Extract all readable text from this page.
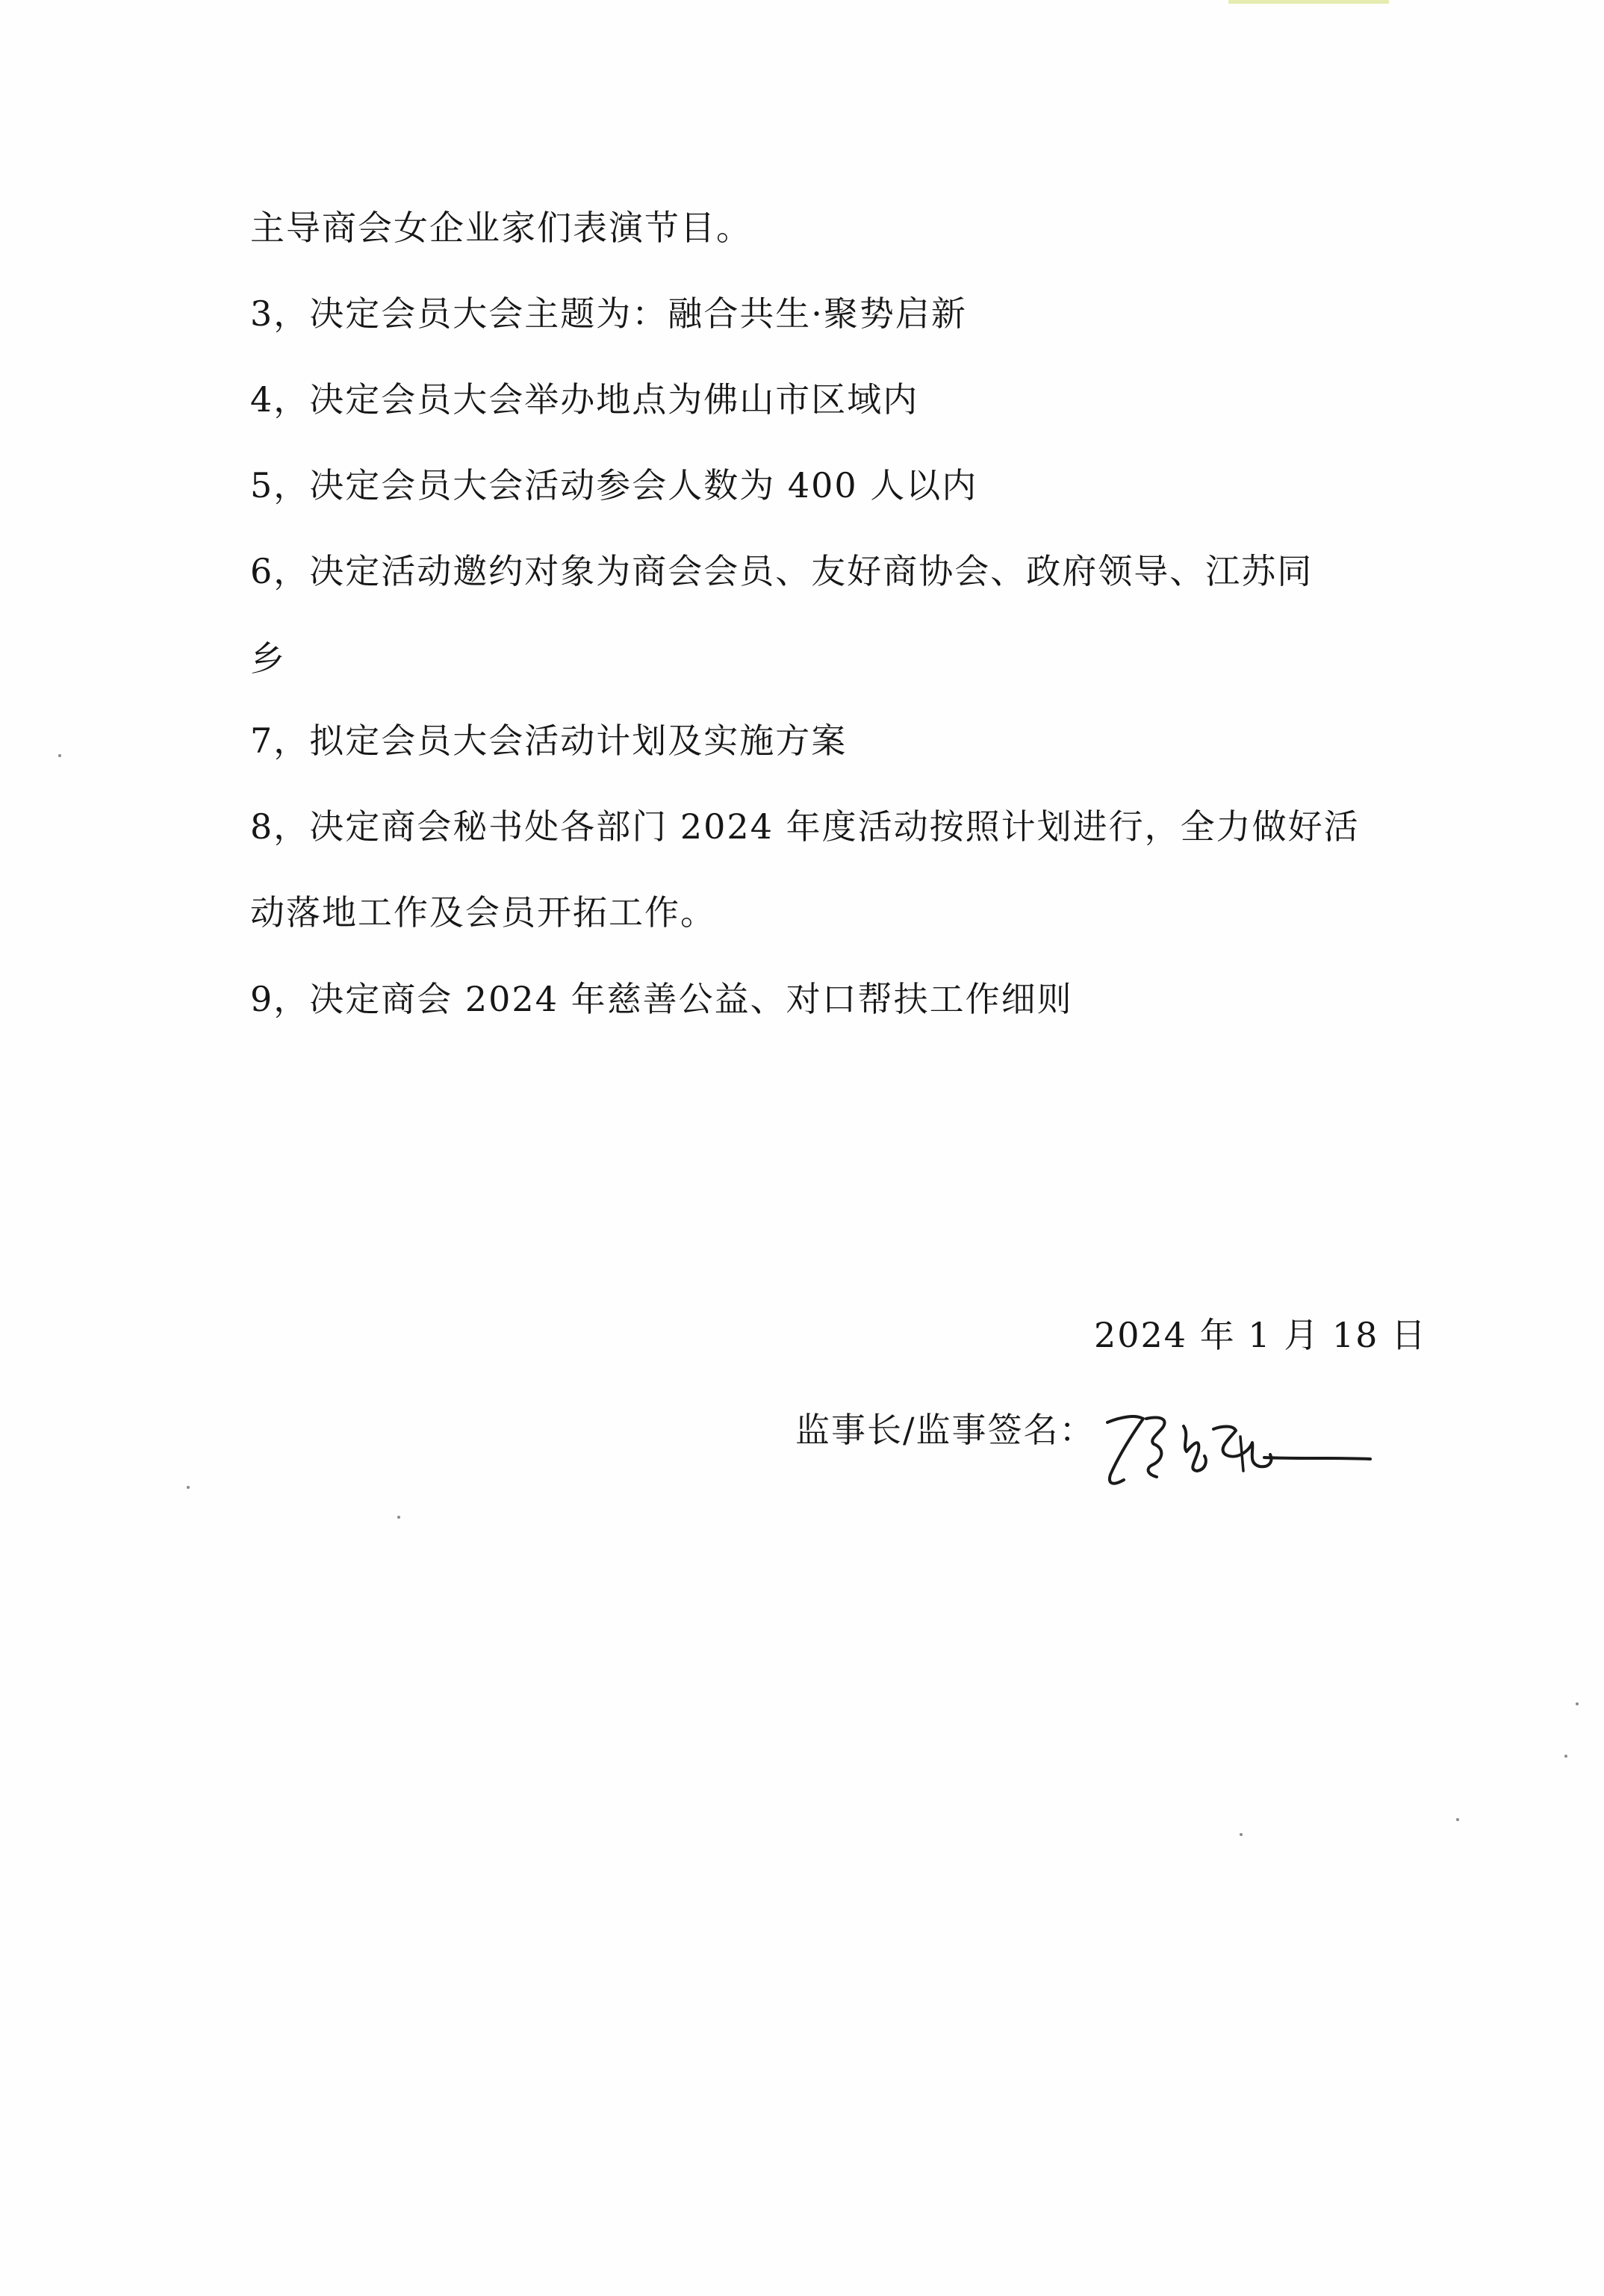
主导商会女企业家们表演节目。
3，决定会员大会主题为：融合共生·聚势启新
4，决定会员大会举办地点为佛山市区域内
5，决定会员大会活动参会人数为 400 人以内
6，决定活动邀约对象为商会会员、友好商协会、政府领导、江苏同
乡
7，拟定会员大会活动计划及实施方案
8，决定商会秘书处各部门 2024 年度活动按照计划进行，全力做好活
动落地工作及会员开拓工作。
9，决定商会 2024 年慈善公益、对口帮扶工作细则
2024 年 1 月 18 日
监事长/监事签名：
